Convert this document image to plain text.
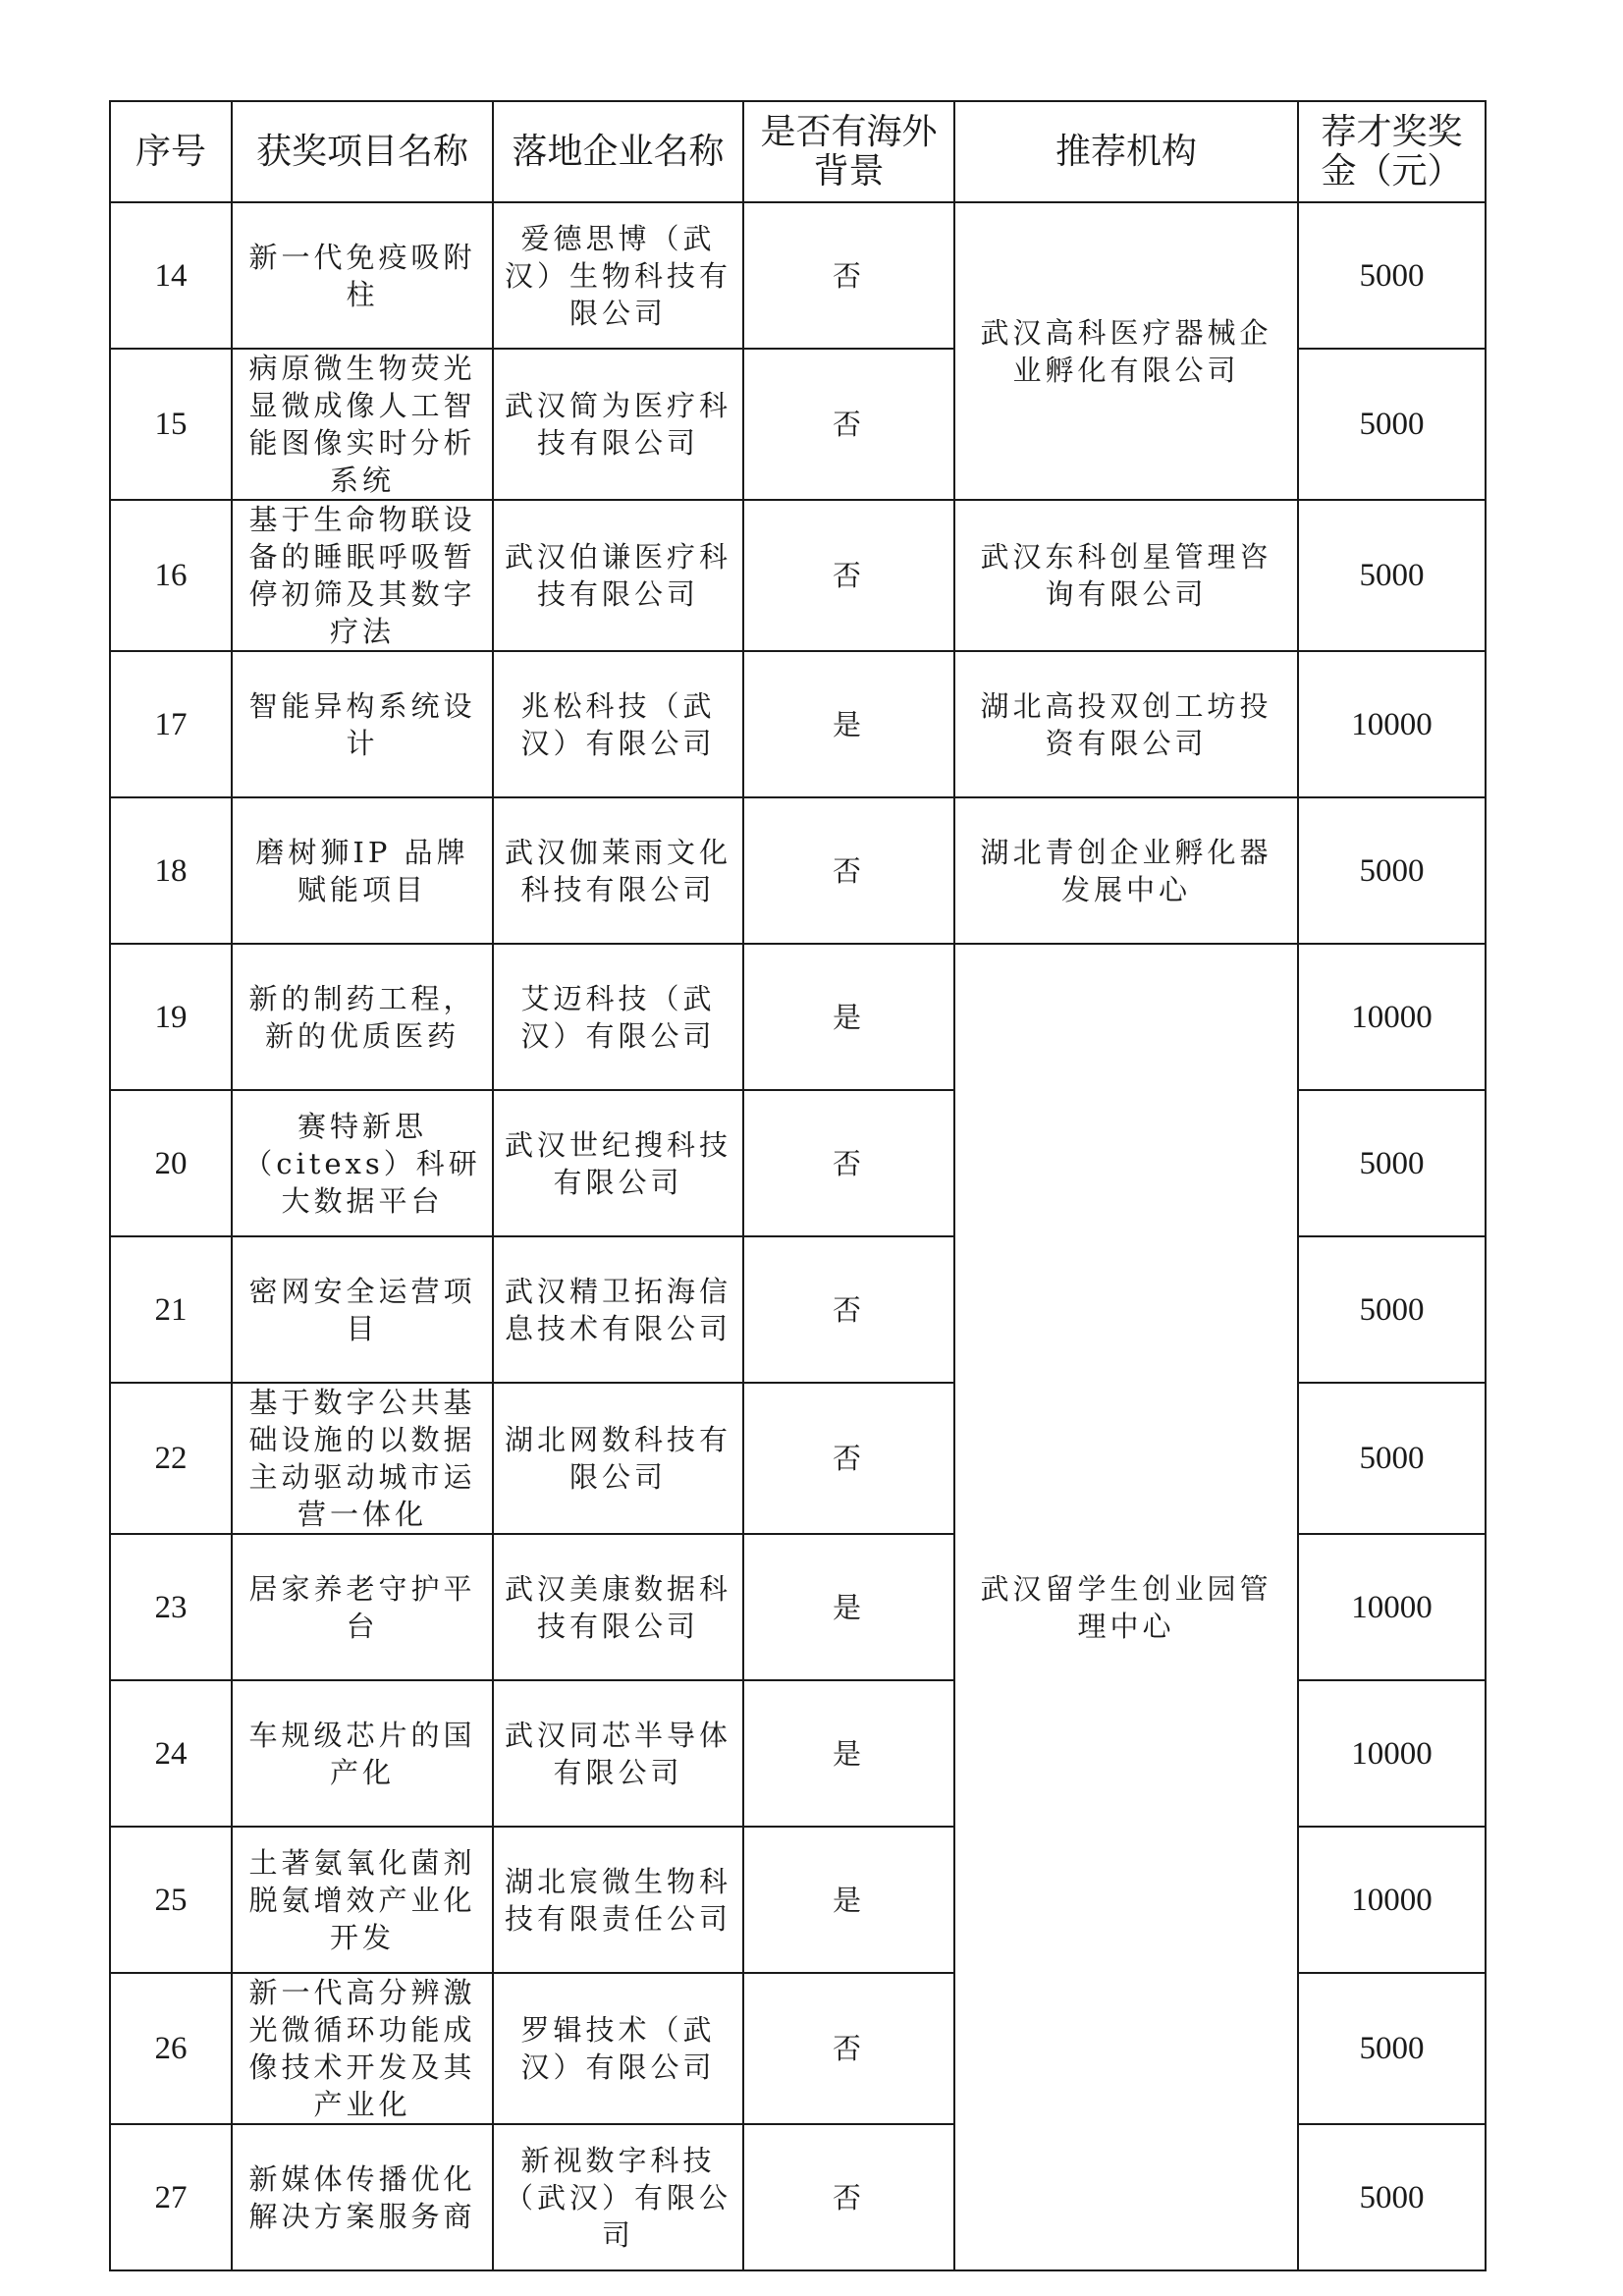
序号	获奖项目名称	落地企业名称	是否有海外背景	推荐机构	荐才奖奖金（元）
14	新一代免疫吸附柱	爱德思博（武汉）生物科技有限公司	否	武汉高科医疗器械企业孵化有限公司	5000
15	病原微生物荧光显微成像人工智能图像实时分析系统	武汉简为医疗科技有限公司	否		5000
16	基于生命物联设备的睡眠呼吸暂停初筛及其数字疗法	武汉伯谦医疗科技有限公司	否	武汉东科创星管理咨询有限公司	5000
17	智能异构系统设计	兆松科技（武汉）有限公司	是	湖北高投双创工坊投资有限公司	10000
18	磨树狮IP 品牌赋能项目	武汉伽莱雨文化科技有限公司	否	湖北青创企业孵化器发展中心	5000
19	新的制药工程，新的优质医药	艾迈科技（武汉）有限公司	是	武汉留学生创业园管理中心	10000
20	赛特新思（citexs）科研大数据平台	武汉世纪搜科技有限公司	否		5000
21	密网安全运营项目	武汉精卫拓海信息技术有限公司	否		5000
22	基于数字公共基础设施的以数据主动驱动城市运营一体化	湖北网数科技有限公司	否		5000
23	居家养老守护平台	武汉美康数据科技有限公司	是		10000
24	车规级芯片的国产化	武汉同芯半导体有限公司	是		10000
25	土著氨氧化菌剂脱氨增效产业化开发	湖北宸微生物科技有限责任公司	是		10000
26	新一代高分辨激光微循环功能成像技术开发及其产业化	罗辑技术（武汉）有限公司	否		5000
27	新媒体传播优化解决方案服务商	新视数字科技（武汉）有限公司	否		5000
